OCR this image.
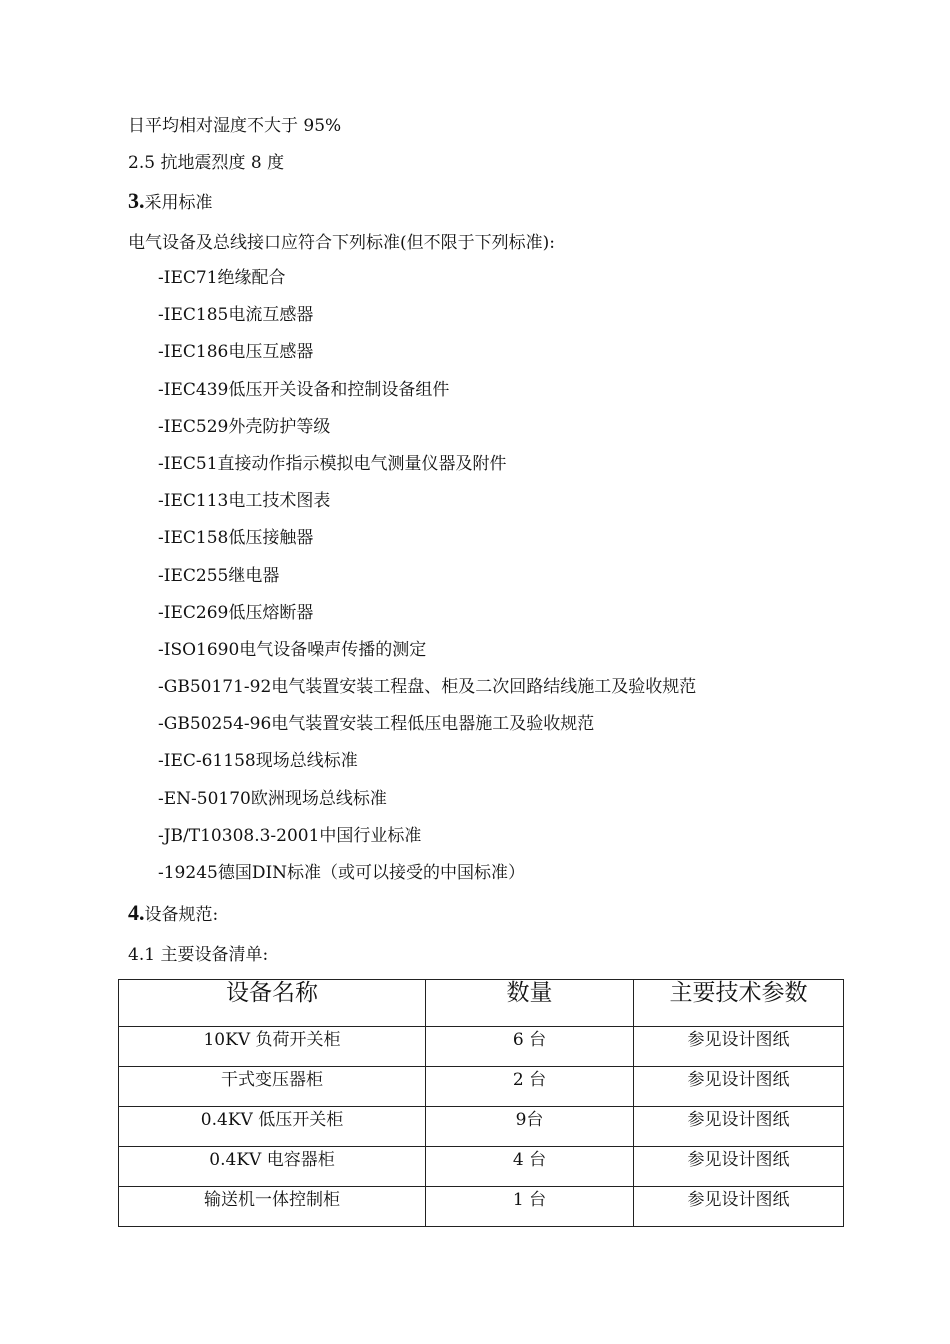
日平均相对湿度不大于 95%
2.5 抗地震烈度 8 度
3.采用标准
电气设备及总线接口应符合下列标准(但不限于下列标准):
-IEC71绝缘配合
-IEC185电流互感器
-IEC186电压互感器
-IEC439低压开关设备和控制设备组件
-IEC529外壳防护等级
-IEC51直接动作指示模拟电气测量仪器及附件
-IEC113电工技术图表
-IEC158低压接触器
-IEC255继电器
-IEC269低压熔断器
-ISO1690电气设备噪声传播的测定
-GB50171-92电气装置安装工程盘、柜及二次回路结线施工及验收规范
-GB50254-96电气装置安装工程低压电器施工及验收规范
-IEC-61158现场总线标准
-EN-50170欧洲现场总线标准
-JB/T10308.3-2001中国行业标准
-19245德国DIN标准（或可以接受的中国标准）
4.设备规范:
4.1 主要设备清单:
设备名称	数量	主要技术参数
10KV 负荷开关柜	6 台	参见设计图纸
干式变压器柜	2 台	参见设计图纸
0.4KV 低压开关柜	9台	参见设计图纸
0.4KV 电容器柜	4 台	参见设计图纸
输送机一体控制柜	1 台	参见设计图纸
